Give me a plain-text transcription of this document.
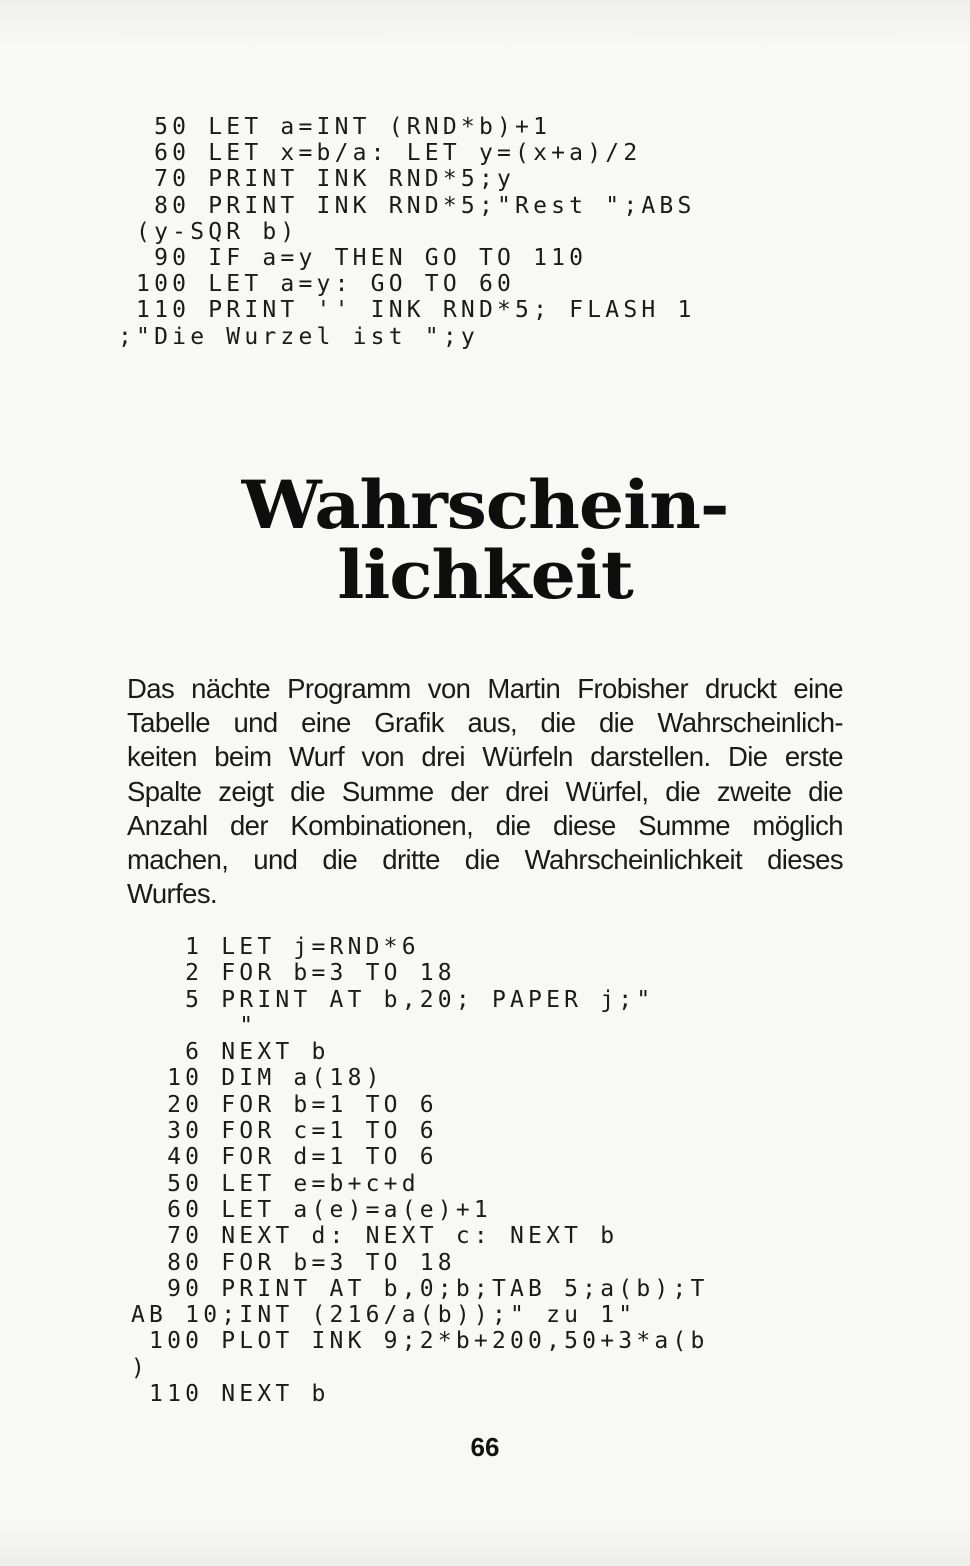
50 LET a=INT (RND*b)+1
60 LET x=b/a: LET y=(x+a)/2
70 PRINT INK RND*5;y
80 PRINT INK RND*5;"Rest ";ABS
(y-SQR b)
90 IF a=y THEN GO TO 110
100 LET a=y: GO TO 60
110 PRINT '' INK RND*5; FLASH 1
;"Die Wurzel ist ";y
Wahrschein-
lichkeit

Das nächte Programm von Martin Frobisher druckt eine
Tabelle und eine Grafik aus, die die Wahrscheinlich-
keiten beim Wurf von drei Würfeln darstellen. Die erste
Spalte zeigt die Summe der drei Würfel, die zweite die
Anzahl der Kombinationen, die diese Summe möglich
machen, und die dritte die Wahrscheinlichkeit dieses
Wurfes.

1 LET j=RND*6
2 FOR b=3 TO 18
5 PRINT AT b,20; PAPER j;"
"
6 NEXT b
10 DIM a(18)
20 FOR b=1 TO 6
30 FOR c=1 TO 6
40 FOR d=1 TO 6
50 LET e=b+c+d
60 LET a(e)=a(e)+1
70 NEXT d: NEXT c: NEXT b
80 FOR b=3 TO 18
90 PRINT AT b,0;b;TAB 5;a(b);T
AB 10;INT (216/a(b));" zu 1"
100 PLOT INK 9;2*b+200,50+3*a(b
)
110 NEXT b

66
